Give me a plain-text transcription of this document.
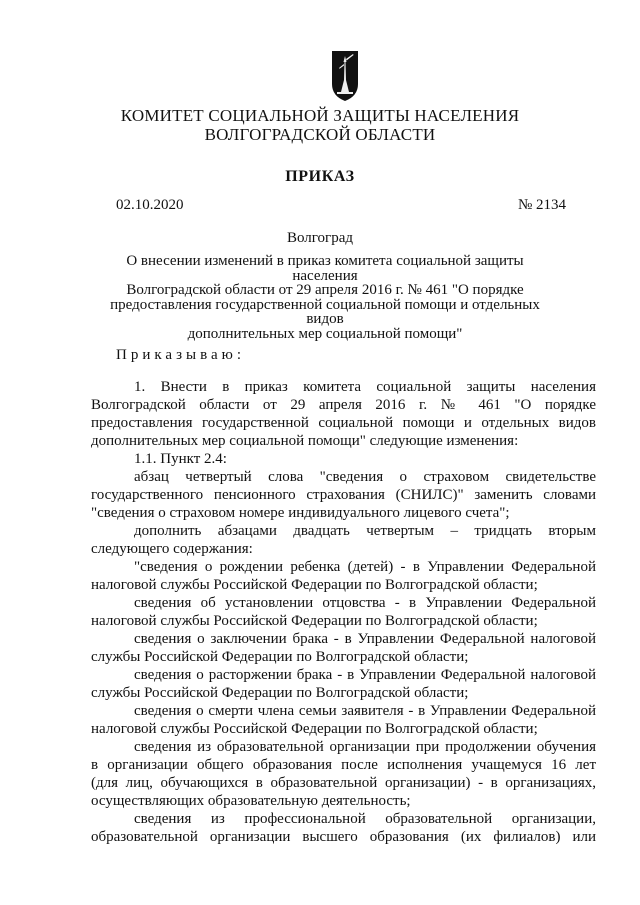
КОМИТЕТ СОЦИАЛЬНОЙ ЗАЩИТЫ НАСЕЛЕНИЯ
ВОЛГОГРАДСКОЙ ОБЛАСТИ
ПРИКАЗ
02.10.2020	№ 2134
Волгоград
О внесении изменений в приказ комитета социальной защиты населения
Волгоградской области от 29 апреля 2016 г. № 461 "О порядке
предоставления государственной социальной помощи и отдельных видов
дополнительных мер социальной помощи"
Приказываю:
1. Внести в приказ комитета социальной защиты населения
Волгоградской области от 29 апреля 2016 г. № 461 "О порядке
предоставления государственной социальной помощи и отдельных видов
дополнительных мер социальной помощи" следующие изменения:
1.1. Пункт 2.4:
абзац четвертый слова "сведения о страховом свидетельстве
государственного пенсионного страхования (СНИЛС)" заменить словами
"сведения о страховом номере индивидуального лицевого счета";
дополнить абзацами двадцать четвертым – тридцать вторым
следующего содержания:
"сведения о рождении ребенка (детей) - в Управлении Федеральной
налоговой службы Российской Федерации по Волгоградской области;
сведения об установлении отцовства - в Управлении Федеральной
налоговой службы Российской Федерации по Волгоградской области;
сведения о заключении брака - в Управлении Федеральной налоговой
службы Российской Федерации по Волгоградской области;
сведения о расторжении брака - в Управлении Федеральной налоговой
службы Российской Федерации по Волгоградской области;
сведения о смерти члена семьи заявителя - в Управлении Федеральной
налоговой службы Российской Федерации по Волгоградской области;
сведения из образовательной организации при продолжении обучения
в организации общего образования после исполнения учащемуся 16 лет
(для лиц, обучающихся в образовательной организации) - в организациях,
осуществляющих образовательную деятельность;
сведения из профессиональной образовательной организации,
образовательной организации высшего образования (их филиалов) или
